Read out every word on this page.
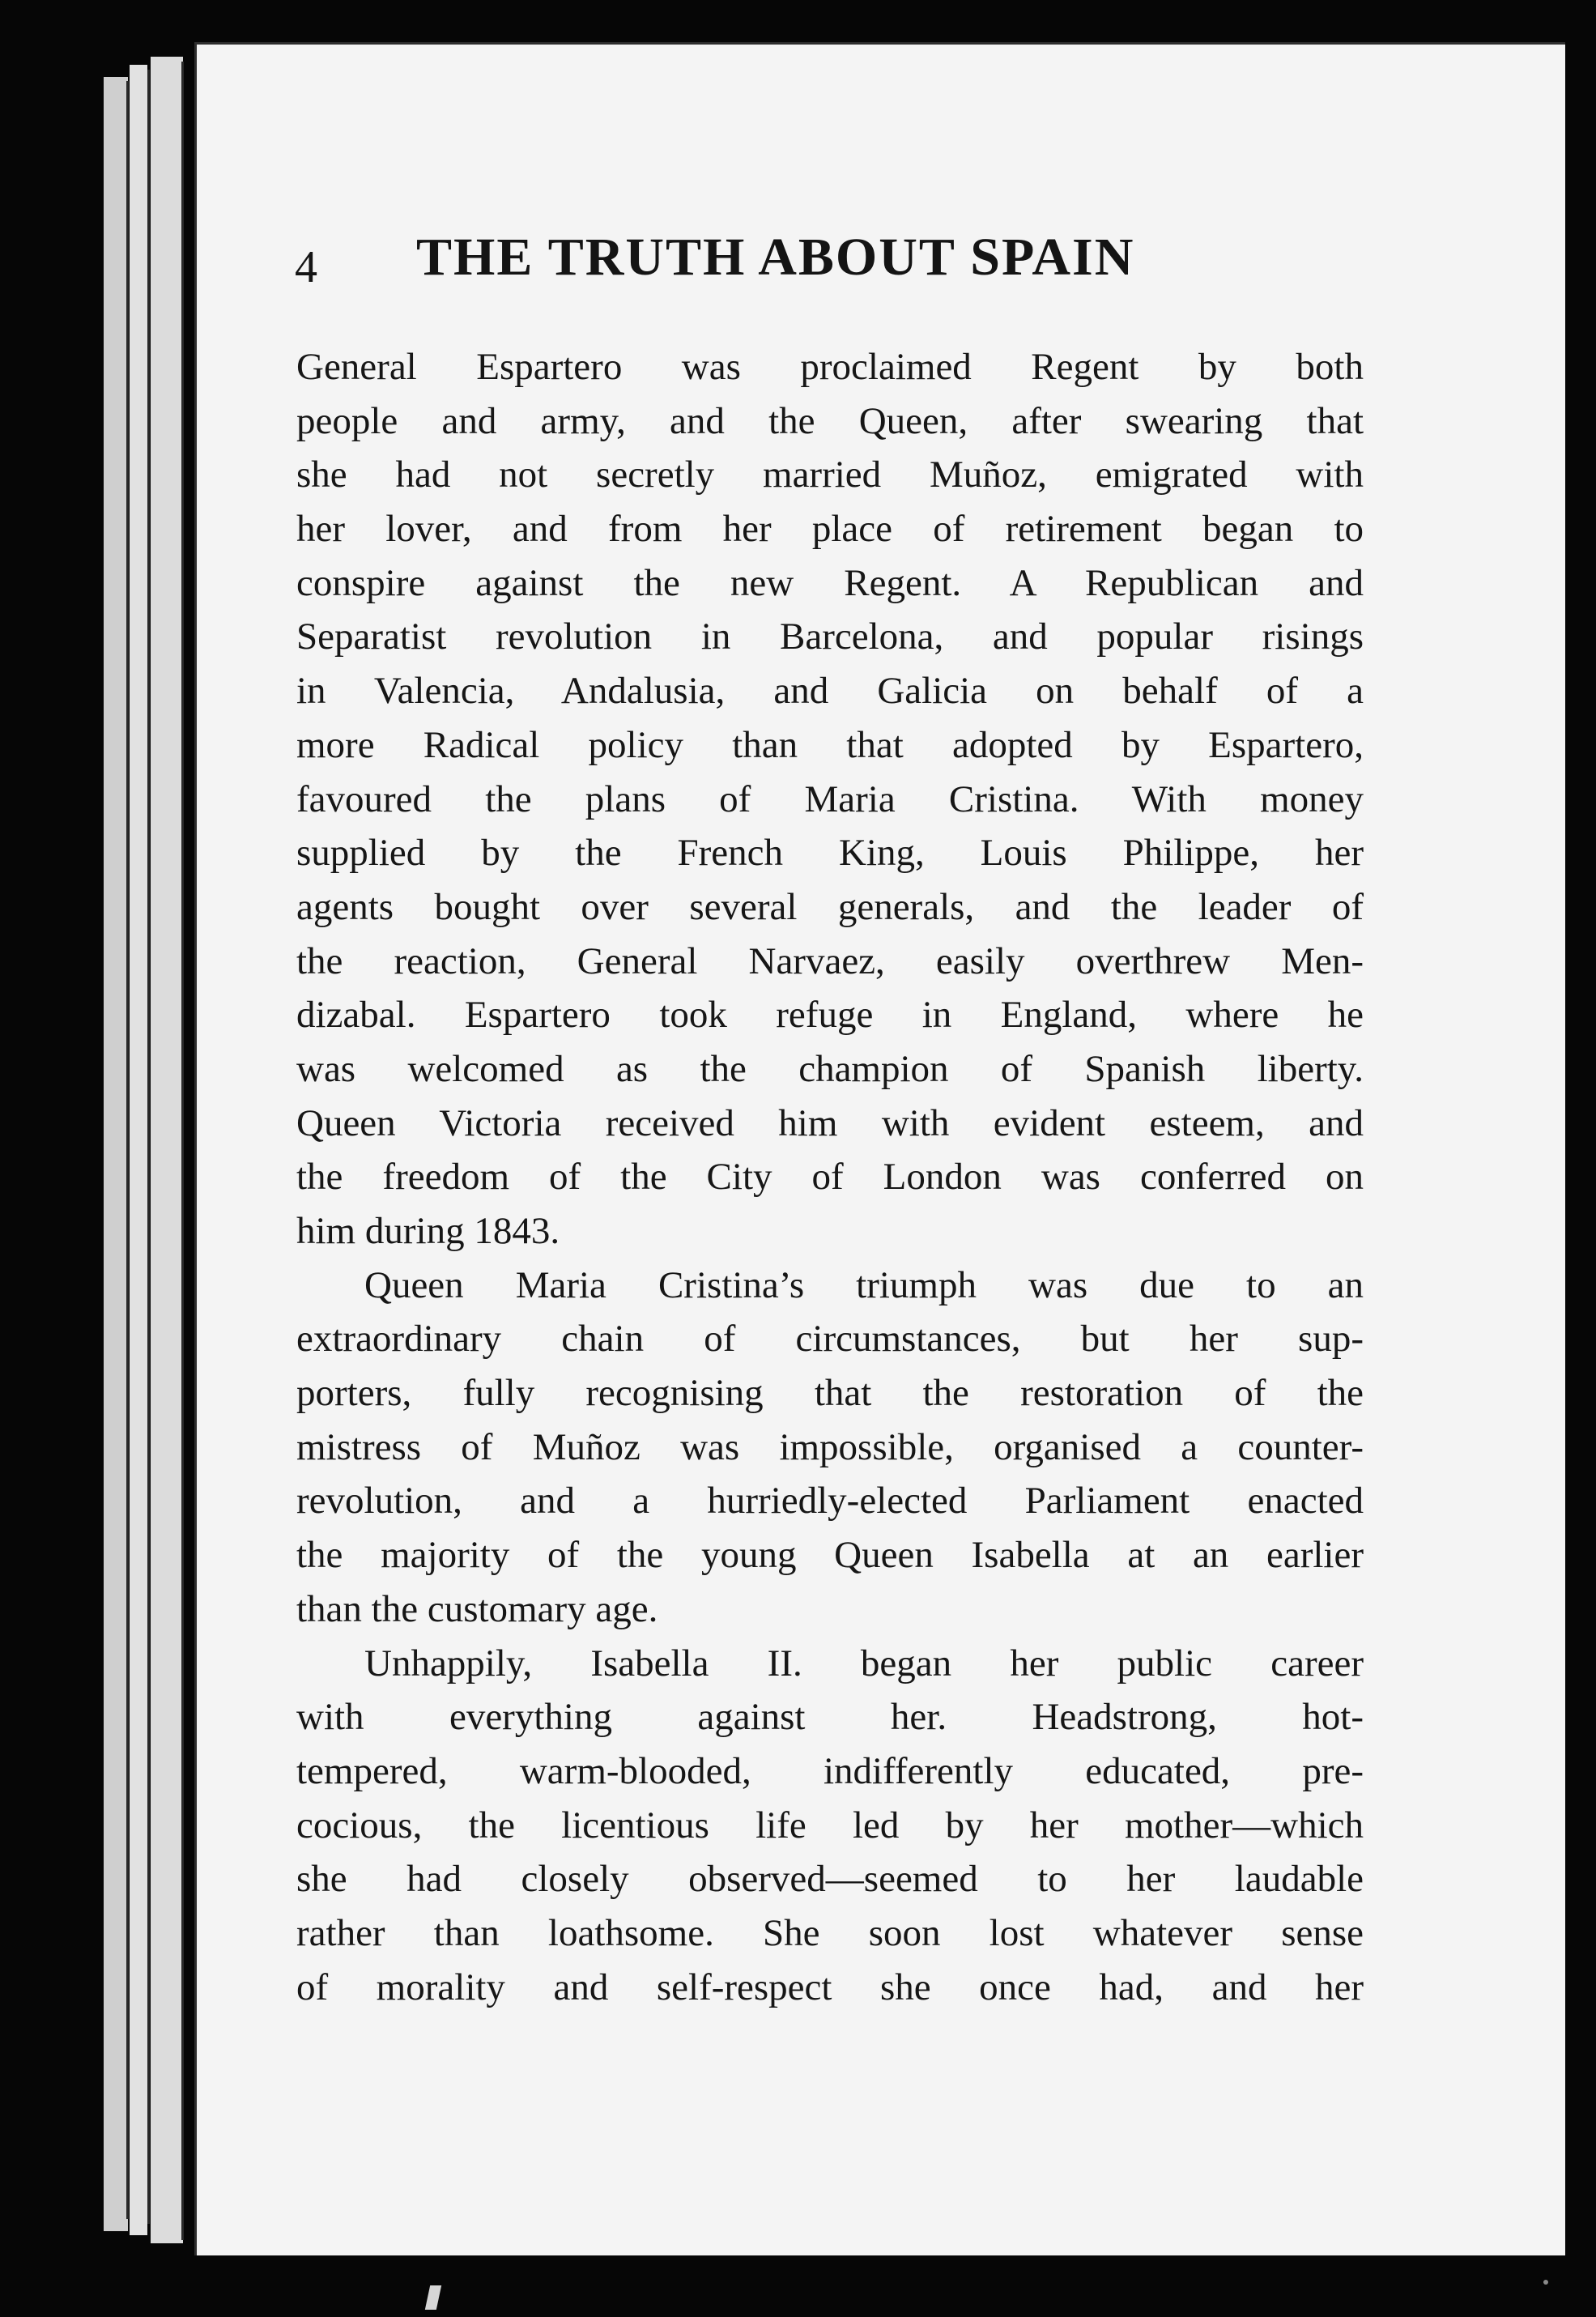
4 THE TRUTH ABOUT SPAIN
General Espartero was proclaimed Regent by both
people and army, and the Queen, after swearing that
she had not secretly married Muñoz, emigrated with
her lover, and from her place of retirement began to
conspire against the new Regent. A Republican and
Separatist revolution in Barcelona, and popular risings
in Valencia, Andalusia, and Galicia on behalf of a
more Radical policy than that adopted by Espartero,
favoured the plans of Maria Cristina. With money
supplied by the French King, Louis Philippe, her
agents bought over several generals, and the leader of
the reaction, General Narvaez, easily overthrew Men-
dizabal. Espartero took refuge in England, where he
was welcomed as the champion of Spanish liberty.
Queen Victoria received him with evident esteem, and
the freedom of the City of London was conferred on
him during 1843.
Queen Maria Cristina’s triumph was due to an
extraordinary chain of circumstances, but her sup-
porters, fully recognising that the restoration of the
mistress of Muñoz was impossible, organised a counter-
revolution, and a hurriedly-elected Parliament enacted
the majority of the young Queen Isabella at an earlier
than the customary age.
Unhappily, Isabella II. began her public career
with everything against her. Headstrong, hot-
tempered, warm-blooded, indifferently educated, pre-
cocious, the licentious life led by her mother—which
she had closely observed—seemed to her laudable
rather than loathsome. She soon lost whatever sense
of morality and self-respect she once had, and her
